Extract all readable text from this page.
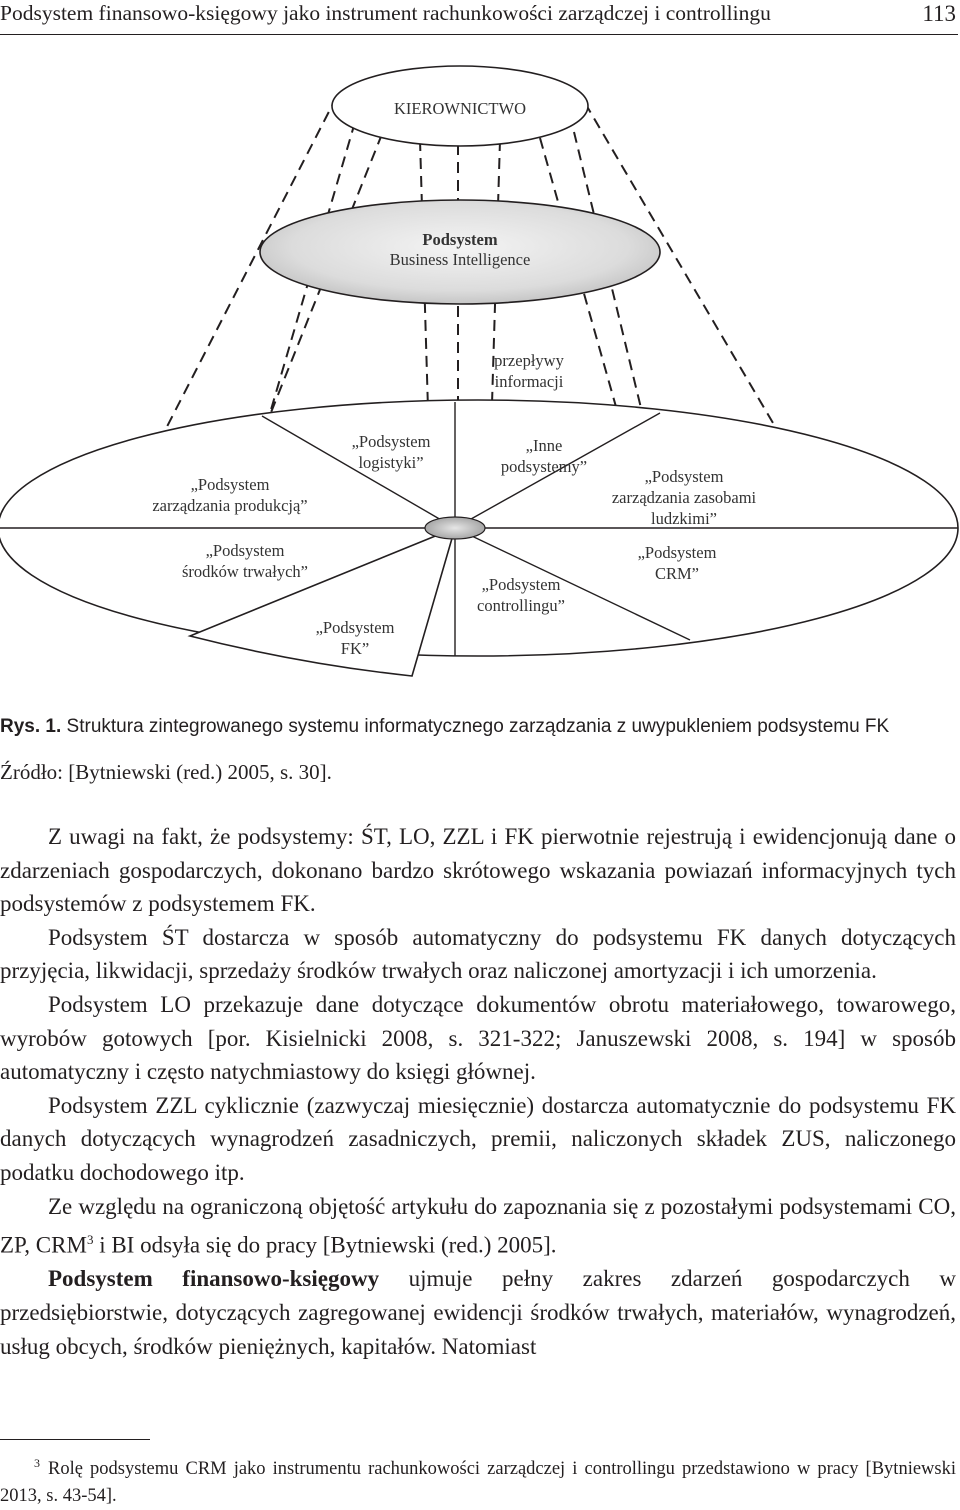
Podsystem finansowo-księgowy jako instrument rachunkowości zarządczej i controllingu	113
KIEROWNICTWO
Podsystem
Business Intelligence
przepływy
informacji
„Podsystem
zarządzania produkcją”
„Podsystem
logistyki”
„Inne
podsystemy”
„Podsystem
zarządzania zasobami
ludzkimi”
„Podsystem
środków trwałych”
„Podsystem
CRM”
„Podsystem
controllingu”
„Podsystem
FK”
Rys. 1. Struktura zintegrowanego systemu informatycznego zarządzania z uwypukleniem podsystemu FK
Źródło: [Bytniewski (red.) 2005, s. 30].

Z uwagi na fakt, że podsystemy: ŚT, LO, ZZL i FK pierwotnie rejestrują i ewidencjonują dane o zdarzeniach gospodarczych, dokonano bardzo skrótowego wskazania powiazań informacyjnych tych podsystemów z podsystemem FK.

Podsystem ŚT dostarcza w sposób automatyczny do podsystemu FK danych dotyczących przyjęcia, likwidacji, sprzedaży środków trwałych oraz naliczonej amortyzacji i ich umorzenia.

Podsystem LO przekazuje dane dotyczące dokumentów obrotu materiałowego, towarowego, wyrobów gotowych [por. Kisielnicki 2008, s. 321-322; Januszewski 2008, s. 194] w sposób automatyczny i często natychmiastowy do księgi głównej.

Podsystem ZZL cyklicznie (zazwyczaj miesięcznie) dostarcza automatycznie do podsystemu FK danych dotyczących wynagrodzeń zasadniczych, premii, naliczonych składek ZUS, naliczonego podatku dochodowego itp.

Ze względu na ograniczoną objętość artykułu do zapoznania się z pozostałymi podsystemami CO, ZP, CRM$^3$ i BI odsyła się do pracy [Bytniewski (red.) 2005].

Podsystem finansowo-księgowy ujmuje pełny zakres zdarzeń gospodarczych w przedsiębiorstwie, dotyczących zagregowanej ewidencji środków trwałych, materiałów, wynagrodzeń, usług obcych, środków pieniężnych, kapitałów. Natomiast

$^3$ Rolę podsystemu CRM jako instrumentu rachunkowości zarządczej i controllingu przedstawiono w pracy [Bytniewski 2013, s. 43-54].
